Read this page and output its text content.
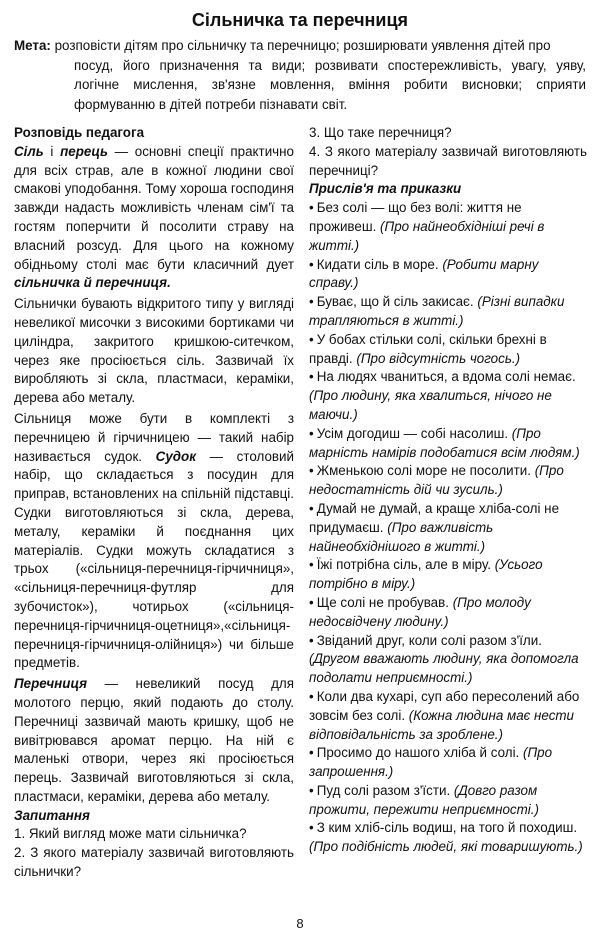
Сільничка та перечниця
Мета: розповісти дітям про сільничку та перечницю; розширювати уявлення дітей про
посуд, його призначення та види; розвивати спостережливість, увагу, уяву, логічне мислення, зв'язне мовлення, вміння робити висновки; сприяти формуванню в дітей потреби пізнавати світ.

Розповідь педагога

Сіль і перець — основні спеції практично для всіх страв, але в кожної людини свої смакові уподобання. Тому хороша господиня завжди надасть можливість членам сім'ї та гостям поперчити й посолити страву на власний розсуд. Для цього на кожному обідньому столі має бути класичний дует сільничка й перечниця.

Сільнички бувають відкритого типу у вигляді невеликої мисочки з високими бортиками чи циліндра, закритого кришкою-ситечком, через яке просіюється сіль. Зазвичай їх виробляють зі скла, пластмаси, кераміки, дерева або металу.

Сільниця може бути в комплекті з перечницею й гірчичницею — такий набір називається судок. Судок — столовий набір, що складається з посудин для приправ, встановлених на спільній підставці. Судки виготовляються зі скла, дерева, металу, кераміки й поєднання цих матеріалів. Судки можуть складатися з трьох («сільниця-перечниця-гірчичниця», «сільниця-перечниця-футляр для зубочисток»), чотирьох («сільниця-перечниця-гірчичниця-оцетниця»,«сільниця-перечниця-гірчичниця-олійниця») чи більше предметів.

Перечниця — невеликий посуд для молотого перцю, який подають до столу. Перечниці зазвичай мають кришку, щоб не вивітрювався аромат перцю. На ній є маленькі отвори, через які просіюється перець. Зазвичай виготовляються зі скла, пластмаси, кераміки, дерева або металу.

Запитання

1. Який вигляд може мати сільничка?

2. З якого матеріалу зазвичай виготовляють сільнички?

3. Що таке перечниця?

4. З якого матеріалу зазвичай виготовляють перечниці?

Прислів'я та приказки

• Без солі — що без волі: життя не проживеш. (Про найнеобхідніші речі в житті.)

• Кидати сіль в море. (Робити марну справу.)

• Буває, що й сіль закисає. (Різні випадки трапляються в житті.)

• У бобах стільки солі, скільки брехні в правді. (Про відсутність чогось.)

• На людях чваниться, а вдома солі немає. (Про людину, яка хвалиться, нічого не маючи.)

• Усім догодиш — собі насолиш. (Про марність намірів подобатися всім людям.)

• Жменькою солі море не посолити. (Про недостатність дій чи зусиль.)

• Думай не думай, а краще хліба-солі не придумаєш. (Про важливість найнеобхіднішого в житті.)

• Їжі потрібна сіль, але в міру. (Усього потрібно в міру.)

• Ще солі не пробував. (Про молоду недосвідчену людину.)

• Звіданий друг, коли солі разом з'їли. (Другом вважають людину, яка допомогла подолати неприємності.)

• Коли два кухарі, суп або пересолений або зовсім без солі. (Кожна людина має нести відповідальність за зроблене.)

• Просимо до нашого хліба й солі. (Про запрошення.)

• Пуд солі разом з'їсти. (Довго разом прожити, пережити неприємності.)

• З ким хліб-сіль водиш, на того й походиш. (Про подібність людей, які товаришують.)

8
